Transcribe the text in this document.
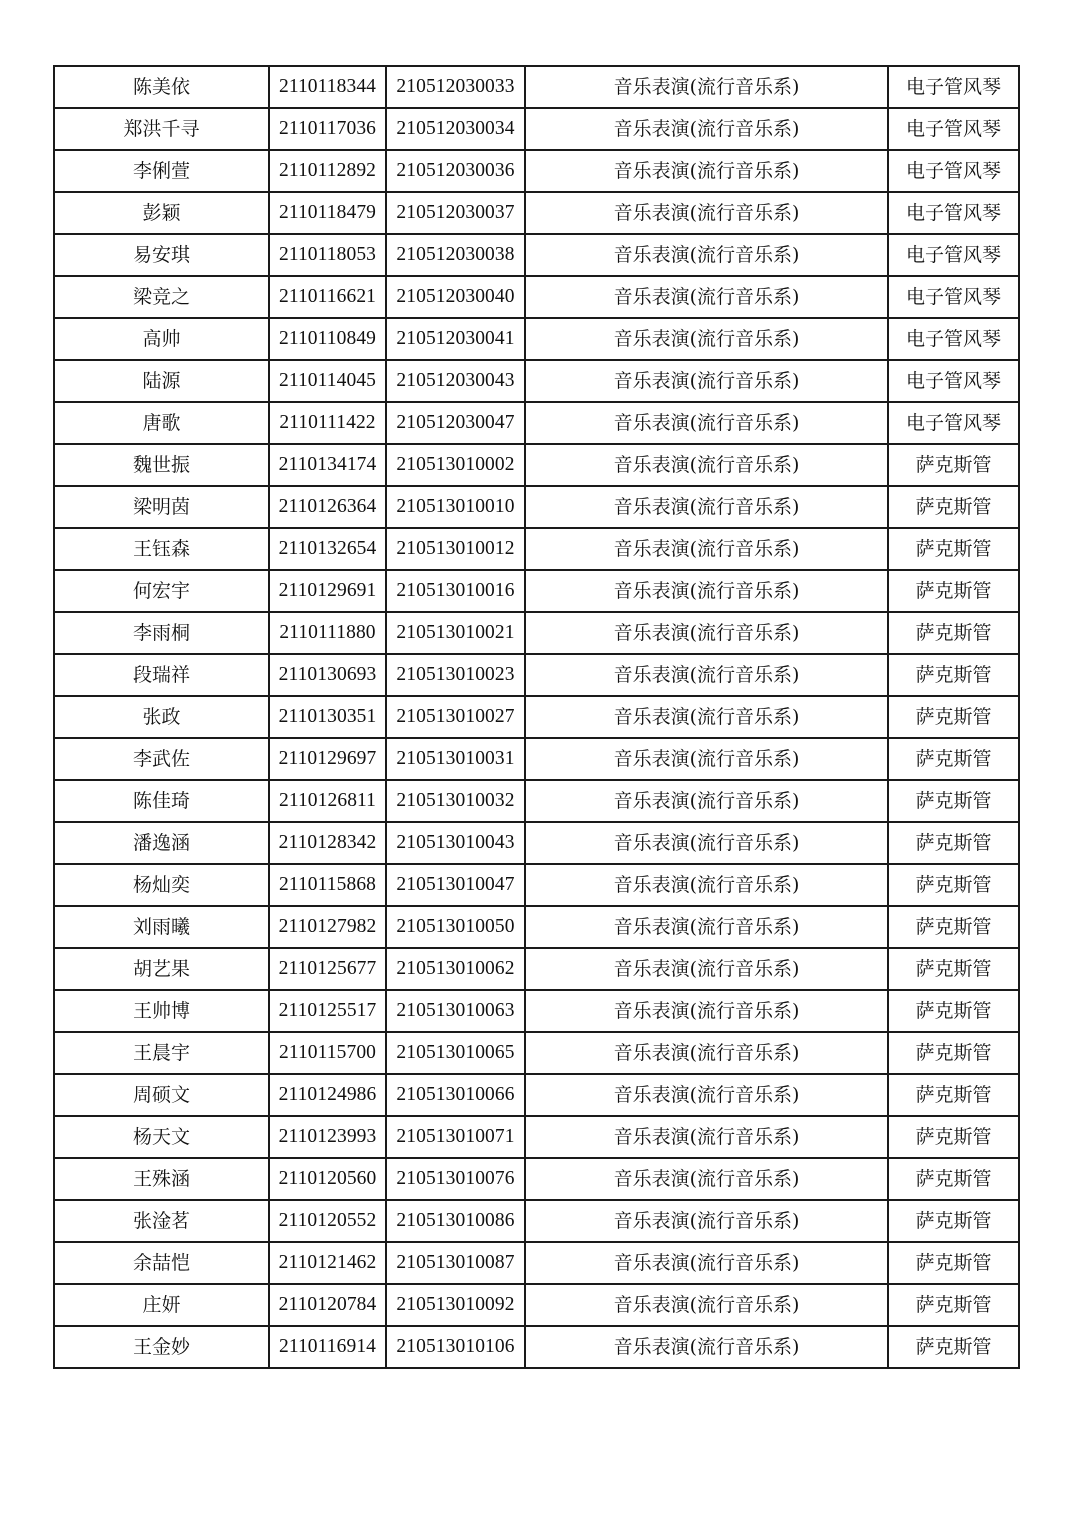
陈美依	2110118344	210512030033	音乐表演(流行音乐系)	电子管风琴
郑洪千寻	2110117036	210512030034	音乐表演(流行音乐系)	电子管风琴
李俐萱	2110112892	210512030036	音乐表演(流行音乐系)	电子管风琴
彭颖	2110118479	210512030037	音乐表演(流行音乐系)	电子管风琴
易安琪	2110118053	210512030038	音乐表演(流行音乐系)	电子管风琴
梁竞之	2110116621	210512030040	音乐表演(流行音乐系)	电子管风琴
高帅	2110110849	210512030041	音乐表演(流行音乐系)	电子管风琴
陆源	2110114045	210512030043	音乐表演(流行音乐系)	电子管风琴
唐歌	2110111422	210512030047	音乐表演(流行音乐系)	电子管风琴
魏世振	2110134174	210513010002	音乐表演(流行音乐系)	萨克斯管
梁明茵	2110126364	210513010010	音乐表演(流行音乐系)	萨克斯管
王钰森	2110132654	210513010012	音乐表演(流行音乐系)	萨克斯管
何宏宇	2110129691	210513010016	音乐表演(流行音乐系)	萨克斯管
李雨桐	2110111880	210513010021	音乐表演(流行音乐系)	萨克斯管
段瑞祥	2110130693	210513010023	音乐表演(流行音乐系)	萨克斯管
张政	2110130351	210513010027	音乐表演(流行音乐系)	萨克斯管
李武佐	2110129697	210513010031	音乐表演(流行音乐系)	萨克斯管
陈佳琦	2110126811	210513010032	音乐表演(流行音乐系)	萨克斯管
潘逸涵	2110128342	210513010043	音乐表演(流行音乐系)	萨克斯管
杨灿奕	2110115868	210513010047	音乐表演(流行音乐系)	萨克斯管
刘雨曦	2110127982	210513010050	音乐表演(流行音乐系)	萨克斯管
胡艺果	2110125677	210513010062	音乐表演(流行音乐系)	萨克斯管
王帅博	2110125517	210513010063	音乐表演(流行音乐系)	萨克斯管
王晨宇	2110115700	210513010065	音乐表演(流行音乐系)	萨克斯管
周硕文	2110124986	210513010066	音乐表演(流行音乐系)	萨克斯管
杨天文	2110123993	210513010071	音乐表演(流行音乐系)	萨克斯管
王殊涵	2110120560	210513010076	音乐表演(流行音乐系)	萨克斯管
张淦茗	2110120552	210513010086	音乐表演(流行音乐系)	萨克斯管
余喆恺	2110121462	210513010087	音乐表演(流行音乐系)	萨克斯管
庄妍	2110120784	210513010092	音乐表演(流行音乐系)	萨克斯管
王金妙	2110116914	210513010106	音乐表演(流行音乐系)	萨克斯管
